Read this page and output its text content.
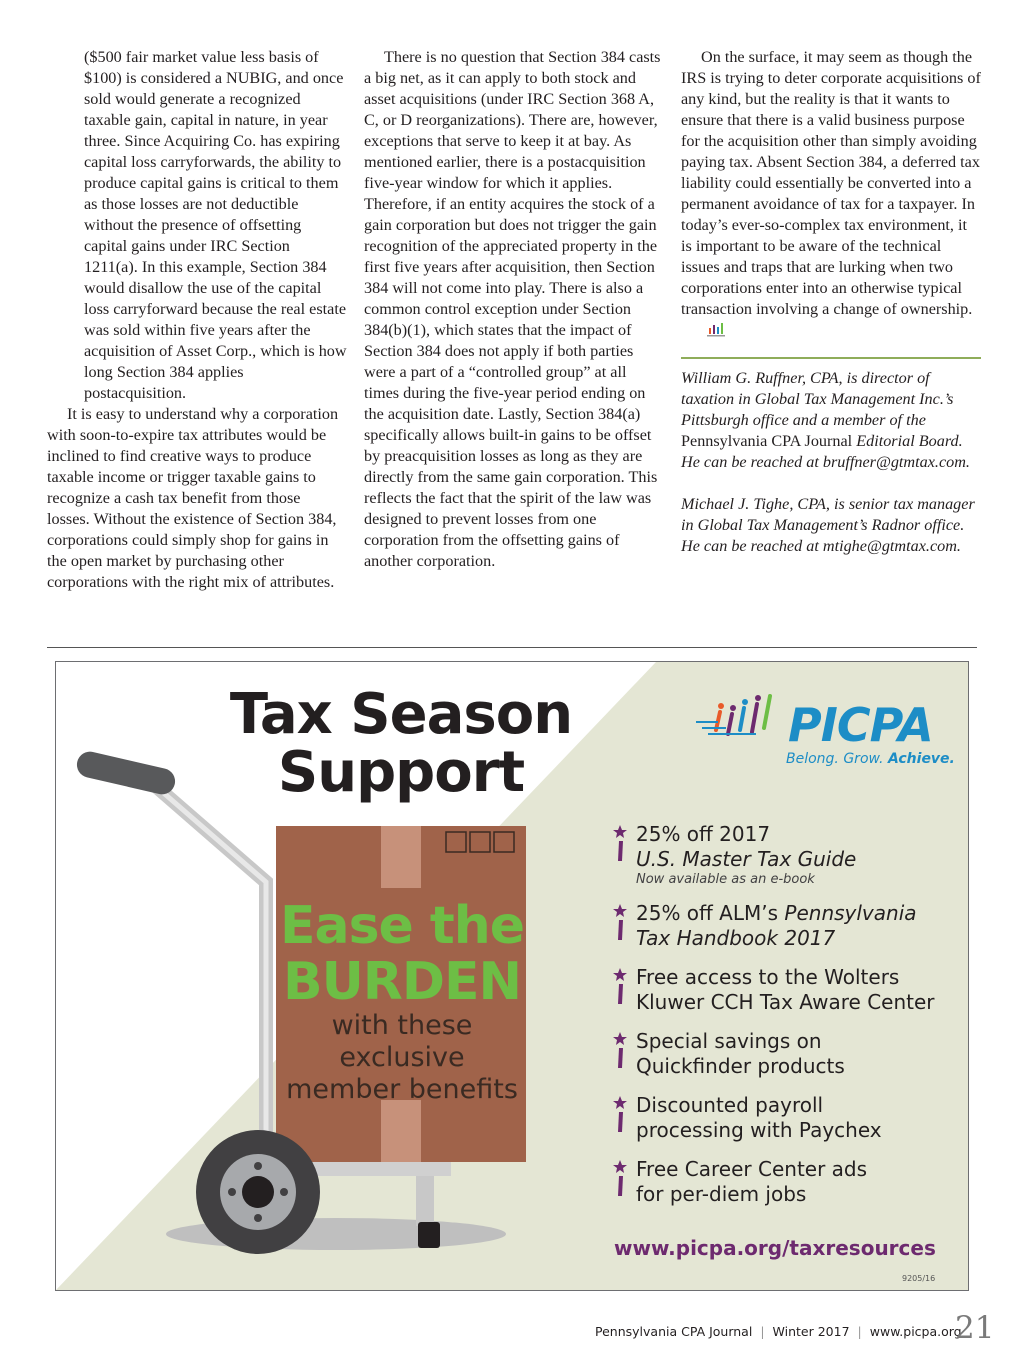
($500 fair market value less basis of $100) is considered a NUBIG, and once sold would generate a recognized taxable gain, capital in nature, in year three. Since Acquiring Co. has expiring capital loss carryforwards, the ability to produce capital gains is critical to them as those losses are not deductible without the presence of offsetting capital gains under IRC Section 1211(a). In this example, Section 384 would disallow the use of the capital loss carryforward because the real estate was sold within five years after the acquisition of Asset Corp., which is how long Section 384 applies postacquisition.

It is easy to understand why a corporation with soon-to-expire tax attributes would be inclined to find creative ways to produce taxable income or trigger taxable gains to recognize a cash tax benefit from those losses. Without the existence of Section 384, corporations could simply shop for gains in the open market by purchasing other corporations with the right mix of attributes.

There is no question that Section 384 casts a big net, as it can apply to both stock and asset acquisitions (under IRC Section 368 A, C, or D reorganizations). There are, however, exceptions that serve to keep it at bay. As mentioned earlier, there is a postacquisition five-year window for which it applies. Therefore, if an entity acquires the stock of a gain corporation but does not trigger the gain recognition of the appreciated property in the first five years after acquisition, then Section 384 will not come into play. There is also a common control exception under Section 384(b)(1), which states that the impact of Section 384 does not apply if both parties were a part of a “controlled group” at all times during the five-year period ending on the acquisition date. Lastly, Section 384(a) specifically allows built-in gains to be offset by preacquisition losses as long as they are directly from the same gain corporation. This reflects the fact that the spirit of the law was designed to prevent losses from one corporation from the offsetting gains of another corporation.

On the surface, it may seem as though the IRS is trying to deter corporate acquisitions of any kind, but the reality is that it wants to ensure that there is a valid business purpose for the acquisition other than simply avoiding paying tax. Absent Section 384, a deferred tax liability could essentially be converted into a permanent avoidance of tax for a taxpayer. In today’s ever-so-complex tax environment, it is important to be aware of the technical issues and traps that are lurking when two corporations enter into an otherwise typical transaction involving a change of ownership.

William G. Ruffner, CPA, is director of taxation in Global Tax Management Inc.’s Pittsburgh office and a member of the Pennsylvania CPA Journal Editorial Board. He can be reached at bruffner@gtmtax.com.

Michael J. Tighe, CPA, is senior tax manager in Global Tax Management’s Radnor office. He can be reached at mtighe@gtmtax.com.

Tax Season
Support
Ease the
BURDEN
with these exclusive
member benefits
PICPA
Belong. Grow. Achieve.
25% off 2017
U.S. Master Tax Guide
Now available as an e-book
25% off ALM’s Pennsylvania
Tax Handbook 2017
Free access to the Wolters
Kluwer CCH Tax Aware Center
Special savings on
Quickfinder products
Discounted payroll
processing with Paychex
Free Career Center ads
for per-diem jobs
www.picpa.org/taxresources
9205/16
Pennsylvania CPA Journal | Winter 2017 | www.picpa.org
21
